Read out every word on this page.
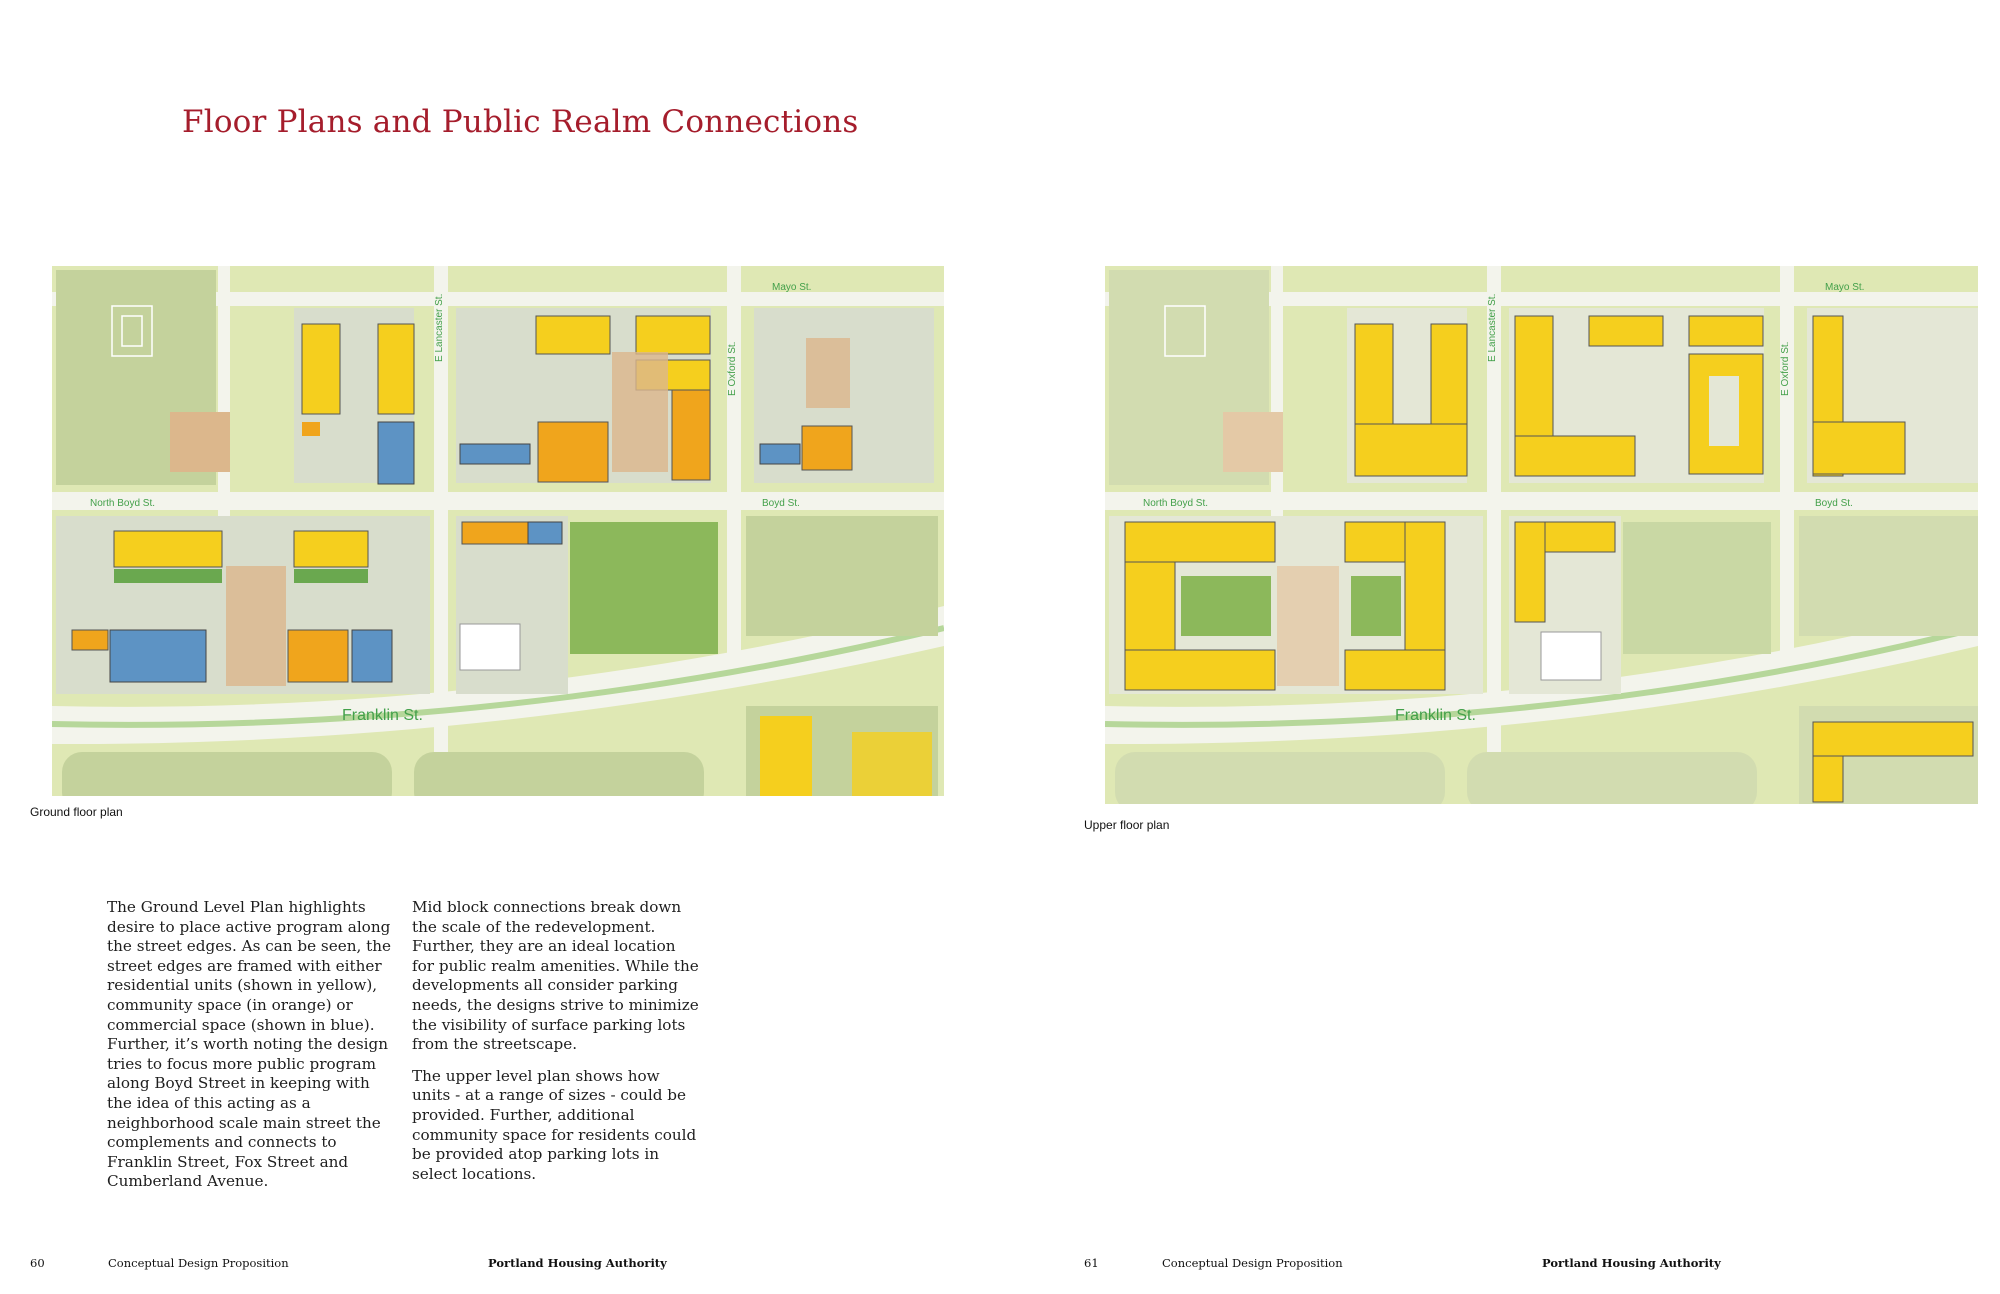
Floor Plans and Public Realm Connections
Mayo St.
E Lancaster St.
E Oxford St.
North Boyd St.	Boyd St.
Franklin St.
Ground floor plan
Mayo St.
E Lancaster St.
E Oxford St.
North Boyd St.	Boyd St.
Franklin St.
Upper floor plan

The Ground Level Plan highlights desire to place active program along the street edges. As can be seen, the street edges are framed with either residential units (shown in yellow), community space (in orange) or commercial space (shown in blue). Further, it’s worth noting the design tries to focus more public program along Boyd Street in keeping with the idea of this acting as a neighborhood scale main street the complements and connects to Franklin Street, Fox Street and Cumberland Avenue.

Mid block connections break down the scale of the redevelopment. Further, they are an ideal location for public realm amenities. While the developments all consider parking needs, the designs strive to minimize the visibility of surface parking lots from the streetscape.

The upper level plan shows how units - at a range of sizes - could be provided. Further, additional community space for residents could be provided atop parking lots in select locations.

60	Conceptual Design Proposition	Portland Housing Authority	61	Conceptual Design Proposition	Portland Housing Authority
